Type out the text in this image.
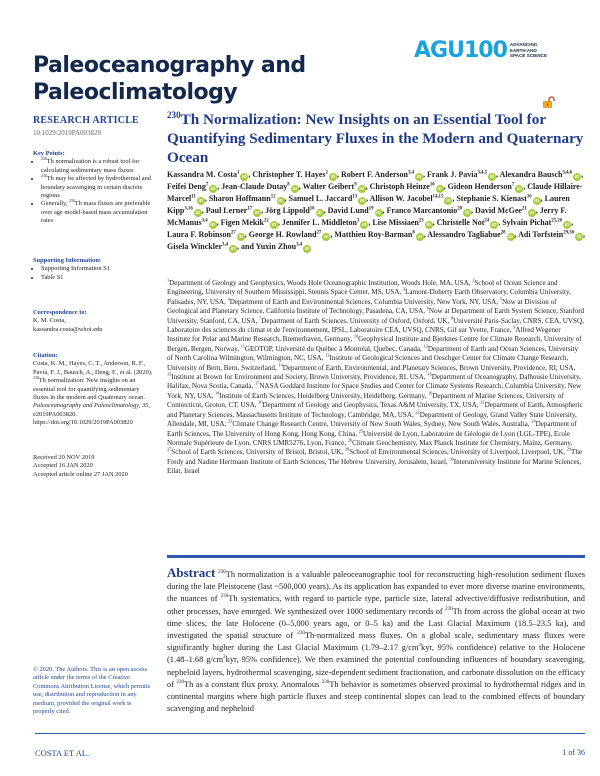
Paleoceanography and
Paleoclimatology
AGU100 ADVANCING
EARTH AND
SPACE SCIENCE
RESEARCH ARTICLE
10.1029/2019PA003820
Key Points:
• $^{230}$Th normalization is a robust tool for calculating sedimentary mass fluxes
• $^{230}$Th may be affected by hydrothermal and boundary scavenging in certain discrete regions
• Generally, $^{230}$Th mass fluxes are preferable over age model-based mass accumulation rates
Supporting Information:
• Supporting Information S1
• Table S1
Correspondence to:
K. M. Costa,
kassandra.costa@whoi.edu
Citation:
Costa, K. M., Hayes, C. T., Anderson, R. F., Pavia, F. J., Bausch, A., Deng, F., et al. (2020). $^{230}$Th normalization: New insights on an essential tool for quantifying sedimentary fluxes in the modern and Quaternary ocean. Paleoceanography and Paleoclimatology, 35, e2019PA003820. https://doi.org/10.1029/2019PA003820
Received 20 NOV 2019
Accepted 16 JAN 2020
Accepted article online 27 JAN 2020
© 2020. The Authors. This is an open access article under the terms of the Creative Commons Attribution License, which permits use, distribution and reproduction in any medium, provided the original work is properly cited.
$^{230}$Th Normalization: New Insights on an Essential Tool for Quantifying Sedimentary Fluxes in the Modern and Quaternary Ocean
Kassandra M. Costa$^1$iD , Christopher T. Hayes$^2$iD , Robert F. Anderson$^{3,4}$iD , Frank J. Pavia$^{3,4,5}$iD , Alexandra Bausch$^{3,4,6}$iD , Feifei Deng$^7$iD , Jean-Claude Dutay$^8$iD , Walter Geibert$^9$iD , Christoph Heinze$^{10}$iD , Gideon Henderson$^7$iD , Claude Hillaire-Marcel$^{11}$iD , Sharon Hoffmann$^{12}$iD , Samuel L. Jaccard$^{13}$iD , Allison W. Jacobel$^{14,15}$iD , Stephanie S. Kienast$^{16}$iD , Lauren Kipp$^{3,16}$iD , Paul Lerner$^{17}$iD , Jörg Lippold$^{18}$iD , David Lund$^{19}$iD , Franco Marcantonio$^{20}$iD , David McGee$^{21}$iD , Jerry F. McManus$^{3,4}$iD , Figen Mekik$^{22}$iD , Jennifer L. Middleton$^3$iD , Lise Missiaen$^{23}$iD , Christelle Not$^{24}$iD , Sylvain Pichat$^{25,26}$iD , Laura F. Robinson$^{27}$iD , George H. Rowland$^{27}$iD , Matthieu Roy-Barman$^8$iD , Alessandro Tagliabue$^{28}$iD , Adi Torfstein$^{29,30}$iD , Gisela Winckler$^{3,4}$iD , and Yuxin Zhou$^{3,4}$iD
$^1$Department of Geology and Geophysics, Woods Hole Oceanographic Institution, Woods Hole, MA, USA, $^2$School of Ocean Science and Engineering, University of Southern Mississippi, Stennis Space Center, MS, USA, $^3$Lamont-Doherty Earth Observatory, Columbia University, Palisades, NY, USA, $^4$Department of Earth and Environmental Sciences, Columbia University, New York, NY, USA, $^5$Now at Division of Geological and Planetary Science, California Institute of Technology, Pasadena, CA, USA, $^6$Now at Department of Earth System Science, Stanford University, Stanford, CA, USA, $^7$Department of Earth Sciences, University of Oxford, Oxford, UK, $^8$Université Paris-Saclay, CNRS, CEA, UVSQ, Laboratoire des sciences du climat et de l'environnement, IPSL, Laboratoire CEA, UVSQ, CNRS, Gif sur Yvette, France, $^9$Alfred Wegener Institute for Polar and Marine Research, Bremerhaven, Germany, $^{10}$Geophysical Institute and Bjerknes Centre for Climate Research, University of Bergen, Bergen, Norway, $^{11}$GEOTOP, Université du Québec à Montréal, Quebec, Canada, $^{12}$Department of Earth and Ocean Sciences, University of North Carolina Wilmington, Wilmington, NC, USA, $^{13}$Institute of Geological Sciences and Oeschger Center for Climate Change Research, University of Bern, Bern, Switzerland, $^{14}$Department of Earth, Environmental, and Planetary Sciences, Brown University, Providence, RI, USA, $^{15}$Institute at Brown for Environment and Society, Brown University, Providence, RI, USA, $^{16}$Department of Oceanography, Dalhousie University, Halifax, Nova Scotia, Canada, $^{17}$NASA Goddard Institute for Space Studies and Center for Climate Systems Research, Columbia University, New York, NY, USA, $^{18}$Institute of Earth Sciences, Heidelberg University, Heidelberg, Germany, $^{19}$Department of Marine Sciences, University of Connecticut, Groton, CT, USA, $^{20}$Department of Geology and Geophysics, Texas A&M University, TX, USA, $^{21}$Department of Earth, Atmospheric and Planetary Sciences, Massachusetts Institute of Technology, Cambridge, MA, USA, $^{22}$Department of Geology, Grand Valley State University, Allendale, MI, USA, $^{23}$Climate Change Research Centre, University of New South Wales, Sydney, New South Wales, Australia, $^{24}$Department of Earth Sciences, The University of Hong Kong, Hong Kong, China, $^{25}$Université de Lyon, Laboratoire de Géologie de Lyon (LGL-TPE), Ecole Normale Supérieure de Lyon, CNRS UMR5276, Lyon, France, $^{26}$Climate Geochemistry, Max Planck Institute for Chemistry, Mainz, Germany, $^{27}$School of Earth Sciences, University of Bristol, Bristol, UK, $^{28}$School of Environmental Sciences, University of Liverpool, Liverpool, UK, $^{29}$The Fredy and Nadine Herrmann Institute of Earth Sciences, The Hebrew University, Jerusalem, Israel, $^{30}$Interuniversity Institute for Marine Sciences, Eilat, Israel
Abstract $^{230}$Th normalization is a valuable paleoceanographic tool for reconstructing high-resolution sediment fluxes during the late Pleistocene (last ~500,000 years). As its application has expanded to ever more diverse marine environments, the nuances of $^{230}$Th systematics, with regard to particle type, particle size, lateral advective/diffusive redistribution, and other processes, have emerged. We synthesized over 1000 sedimentary records of $^{230}$Th from across the global ocean at two time slices, the late Holocene (0–5,000 years ago, or 0–5 ka) and the Last Glacial Maximum (18.5–23.5 ka), and investigated the spatial structure of $^{230}$Th-normalized mass fluxes. On a global scale, sedimentary mass fluxes were significantly higher during the Last Glacial Maximum (1.79–2.17 $g/cm^2kyr$, 95% confidence) relative to the Holocene (1.48–1.68 $g/cm^2kyr$, 95% confidence). We then examined the potential confounding influences of boundary scavenging, nepheloid layers, hydrothermal scavenging, size-dependent sediment fractionation, and carbonate dissolution on the efficacy of $^{230}$Th as a constant flux proxy. Anomalous $^{230}$Th behavior is sometimes observed proximal to hydrothermal ridges and in continental margins where high particle fluxes and steep continental slopes can lead to the combined effects of boundary scavenging and nepheloid
COSTA ET AL.	1 of 36
